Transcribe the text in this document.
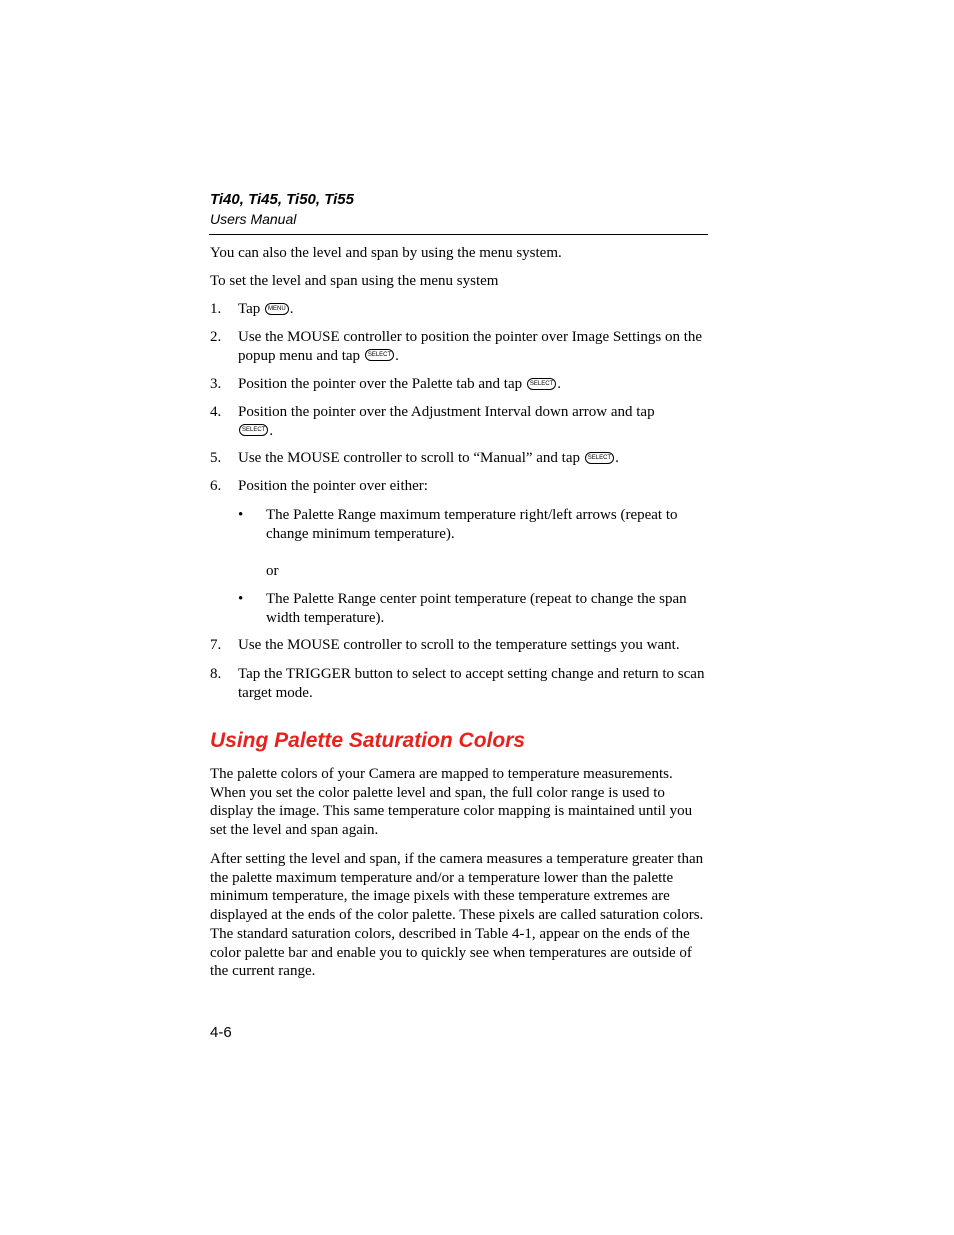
Ti40, Ti45, Ti50, Ti55
Users Manual
You can also the level and span by using the menu system.
To set the level and span using the menu system
1. Tap MENU .
2. Use the MOUSE controller to position the pointer over Image Settings on the popup menu and tap SELECT .
3. Position the pointer over the Palette tab and tap SELECT .
4. Position the pointer over the Adjustment Interval down arrow and tap
SELECT .
5. Use the MOUSE controller to scroll to “Manual” and tap SELECT .
6. Position the pointer over either:
• The Palette Range maximum temperature right/left arrows (repeat to change minimum temperature).
or
• The Palette Range center point temperature (repeat to change the span width temperature).
7. Use the MOUSE controller to scroll to the temperature settings you want.
8. Tap the TRIGGER button to select to accept setting change and return to scan target mode.
Using Palette Saturation Colors
The palette colors of your Camera are mapped to temperature measurements. When you set the color palette level and span, the full color range is used to display the image. This same temperature color mapping is maintained until you set the level and span again.
After setting the level and span, if the camera measures a temperature greater than the palette maximum temperature and/or a temperature lower than the palette minimum temperature, the image pixels with these temperature extremes are displayed at the ends of the color palette. These pixels are called saturation colors. The standard saturation colors, described in Table 4-1, appear on the ends of the color palette bar and enable you to quickly see when temperatures are outside of the current range.
4-6
